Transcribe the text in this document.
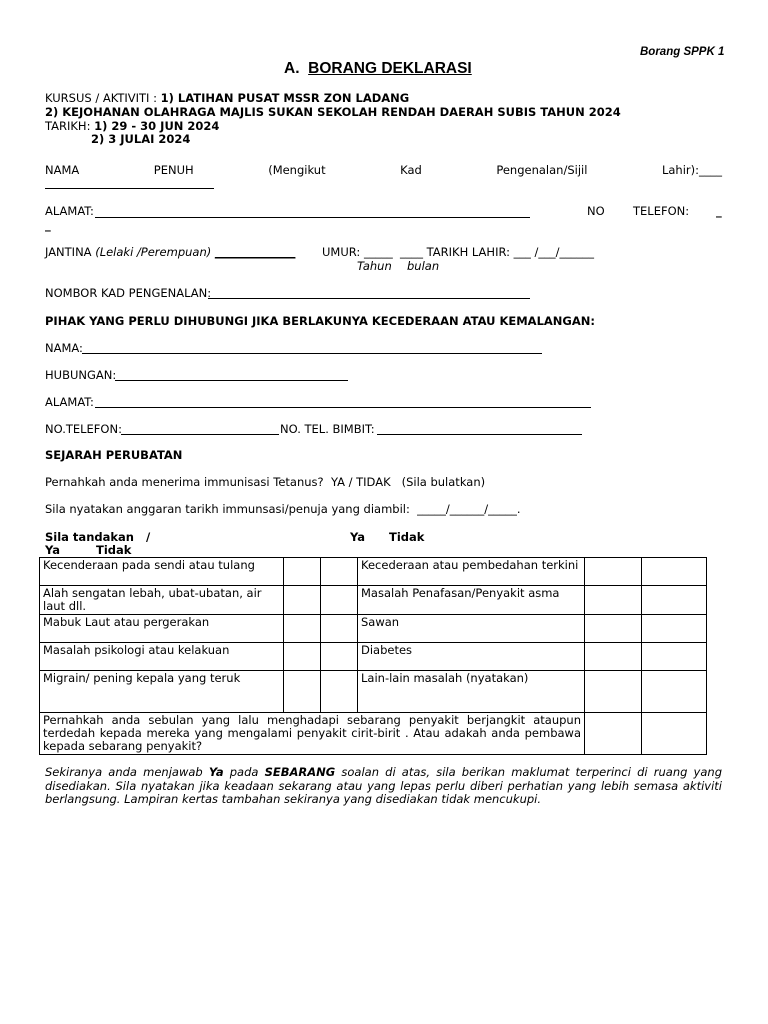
Borang SPPK 1
A. BORANG DEKLARASI
KURSUS / AKTIVITI : 1) LATIHAN PUSAT MSSR ZON LADANG
2) KEJOHANAN OLAHRAGA MAJLIS SUKAN SEKOLAH RENDAH DAERAH SUBIS TAHUN 2024
TARIKH: 1) 29 - 30 JUN 2024
2) 3 JULAI 2024
NAMA	PENUH	(Mengikut	Kad	Pengenalan/Sijil	Lahir):____
ALAMAT:	NO TELEFON: _
_
JANTINA (Lelaki /Perempuan) ______________ UMUR: _____ ____ TARIKH LAHIR: ___ /___/______
Tahun bulan
NOMBOR KAD PENGENALAN:
PIHAK YANG PERLU DIHUBUNGI JIKA BERLAKUNYA KECEDERAAN ATAU KEMALANGAN:
NAMA:
HUBUNGAN:
ALAMAT:
NO.TELEFON:	NO. TEL. BIMBIT:
SEJARAH PERUBATAN
Pernahkah anda menerima immunisasi Tetanus? YA / TIDAK (Sila bulatkan)
Sila nyatakan anggaran tarikh immunsasi/penuja yang diambil: _____/______/_____.
Sila tandakan /	Ya Tidak
Ya	Tidak
Kecenderaan pada sendi atau tulang			Kecederaan atau pembedahan terkini		
Alah sengatan lebah, ubat-ubatan, air laut dll.			Masalah Penafasan/Penyakit asma		
Mabuk Laut atau pergerakan			Sawan		
Masalah psikologi atau kelakuan			Diabetes		
Migrain/ pening kepala yang teruk			Lain-lain masalah (nyatakan)		
Pernahkah anda sebulan yang lalu menghadapi sebarang penyakit berjangkit ataupun terdedah kepada mereka yang mengalami penyakit cirit-birit . Atau adakah anda pembawa kepada sebarang penyakit?					
Sekiranya anda menjawab Ya pada SEBARANG soalan di atas, sila berikan maklumat terperinci di ruang yang disediakan. Sila nyatakan jika keadaan sekarang atau yang lepas perlu diberi perhatian yang lebih semasa aktiviti berlangsung. Lampiran kertas tambahan sekiranya yang disediakan tidak mencukupi.
